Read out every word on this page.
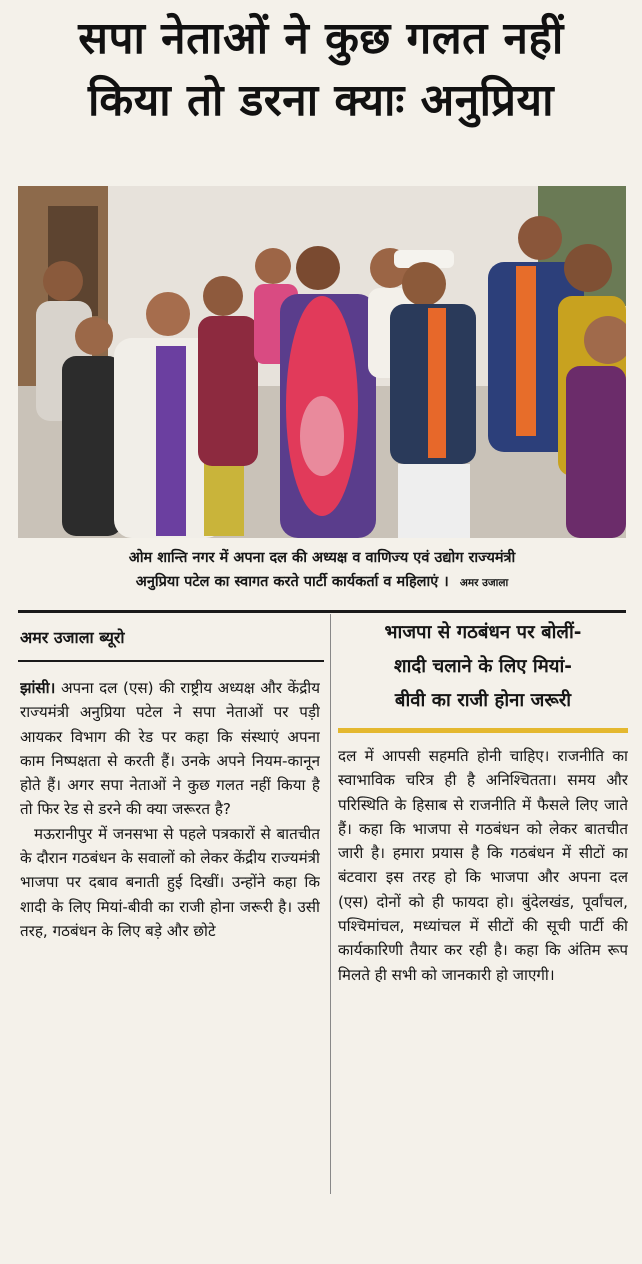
सपा नेताओं ने कुछ गलत नहीं
किया तो डरना क्याः अनुप्रिया
ओम शान्ति नगर में अपना दल की अध्यक्ष व वाणिज्य एवं उद्योग राज्यमंत्री
अनुप्रिया पटेल का स्वागत करते पार्टी कार्यकर्ता व महिलाएं । अमर उजाला
अमर उजाला ब्यूरो

झांसी। अपना दल (एस) की राष्ट्रीय अध्यक्ष और केंद्रीय राज्यमंत्री अनुप्रिया पटेल ने सपा नेताओं पर पड़ी आयकर विभाग की रेड पर कहा कि संस्थाएं अपना काम निष्पक्षता से करती हैं। उनके अपने नियम-कानून होते हैं। अगर सपा नेताओं ने कुछ गलत नहीं किया है तो फिर रेड से डरने की क्या जरूरत है?

मऊरानीपुर में जनसभा से पहले पत्रकारों से बातचीत के दौरान गठबंधन के सवालों को लेकर केंद्रीय राज्यमंत्री भाजपा पर दबाव बनाती हुई दिखीं। उन्होंने कहा कि शादी के लिए मियां-बीवी का राजी होना जरूरी है। उसी तरह, गठबंधन के लिए बड़े और छोटे

भाजपा से गठबंधन पर बोलीं-
शादी चलाने के लिए मियां-
बीवी का राजी होना जरूरी

दल में आपसी सहमति होनी चाहिए। राजनीति का स्वाभाविक चरित्र ही है अनिश्चितता। समय और परिस्थिति के हिसाब से राजनीति में फैसले लिए जाते हैं। कहा कि भाजपा से गठबंधन को लेकर बातचीत जारी है। हमारा प्रयास है कि गठबंधन में सीटों का बंटवारा इस तरह हो कि भाजपा और अपना दल (एस) दोनों को ही फायदा हो। बुंदेलखंड, पूर्वांचल, पश्चिमांचल, मध्यांचल में सीटों की सूची पार्टी की कार्यकारिणी तैयार कर रही है। कहा कि अंतिम रूप मिलते ही सभी को जानकारी हो जाएगी।
